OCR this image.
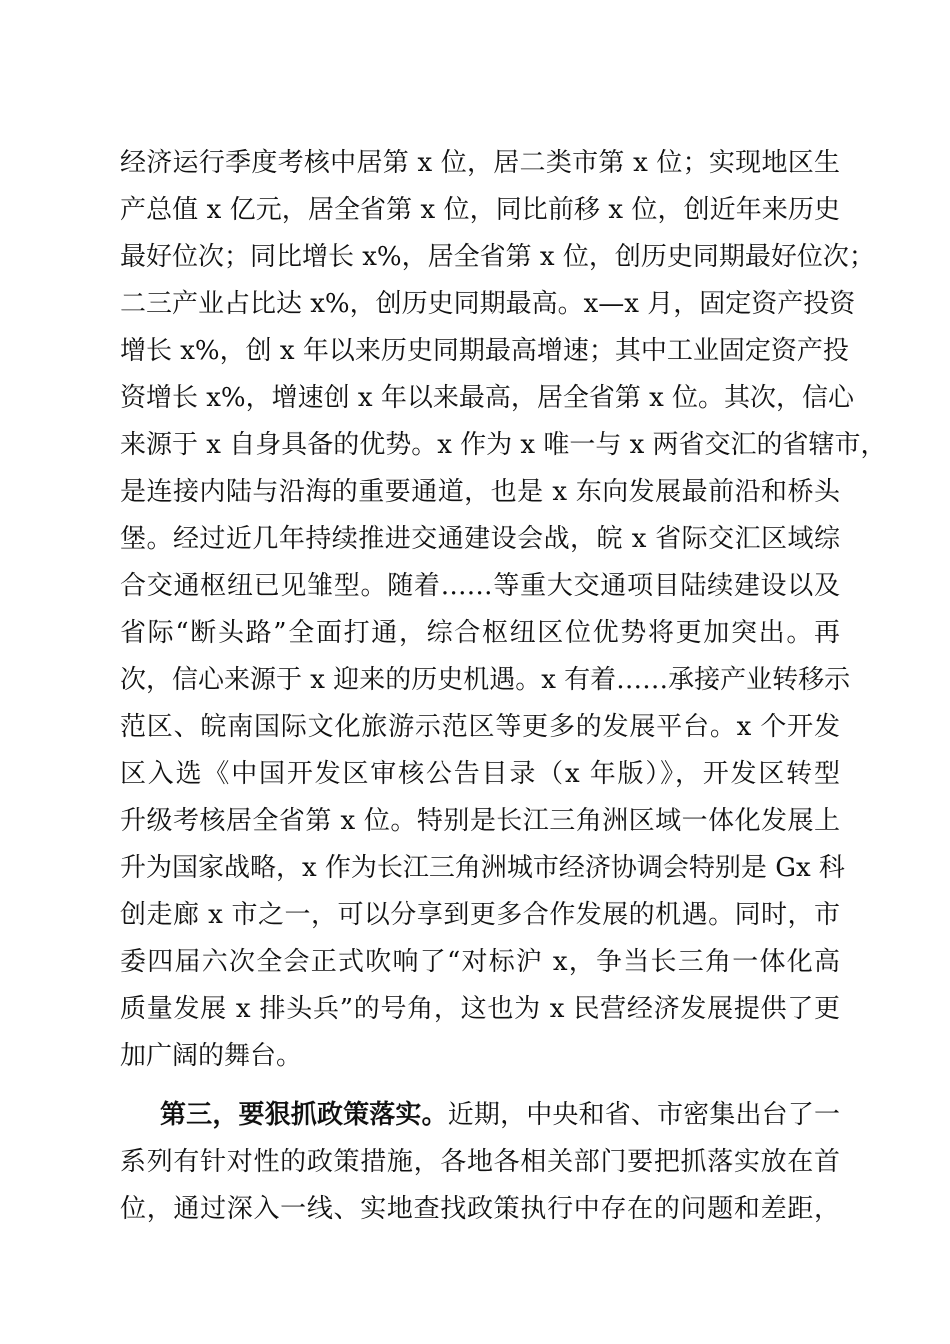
经济运行季度考核中居第 x 位，居二类市第 x 位；实现地区生
产总值 x 亿元，居全省第 x 位，同比前移 x 位，创近年来历史
最好位次；同比增长 x%，居全省第 x 位，创历史同期最好位次；
二三产业占比达 x%，创历史同期最高。x—x 月，固定资产投资
增长 x%，创 x 年以来历史同期最高增速；其中工业固定资产投
资增长 x%，增速创 x 年以来最高，居全省第 x 位。其次，信心
来源于 x 自身具备的优势。x 作为 x 唯一与 x 两省交汇的省辖市，
是连接内陆与沿海的重要通道，也是 x 东向发展最前沿和桥头
堡。经过近几年持续推进交通建设会战，皖 x 省际交汇区域综
合交通枢纽已见雏型。随着……等重大交通项目陆续建设以及
省际“断头路”全面打通，综合枢纽区位优势将更加突出。再
次，信心来源于 x 迎来的历史机遇。x 有着……承接产业转移示
范区、皖南国际文化旅游示范区等更多的发展平台。x 个开发
区入选《中国开发区审核公告目录（x 年版）》，开发区转型
升级考核居全省第 x 位。特别是长江三角洲区域一体化发展上
升为国家战略，x 作为长江三角洲城市经济协调会特别是 Gx 科
创走廊 x 市之一，可以分享到更多合作发展的机遇。同时，市
委四届六次全会正式吹响了“对标沪 x，争当长三角一体化高
质量发展 x 排头兵”的号角，这也为 x 民营经济发展提供了更
加广阔的舞台。
第三，要狠抓政策落实。近期，中央和省、市密集出台了一
系列有针对性的政策措施，各地各相关部门要把抓落实放在首
位，通过深入一线、实地查找政策执行中存在的问题和差距，
